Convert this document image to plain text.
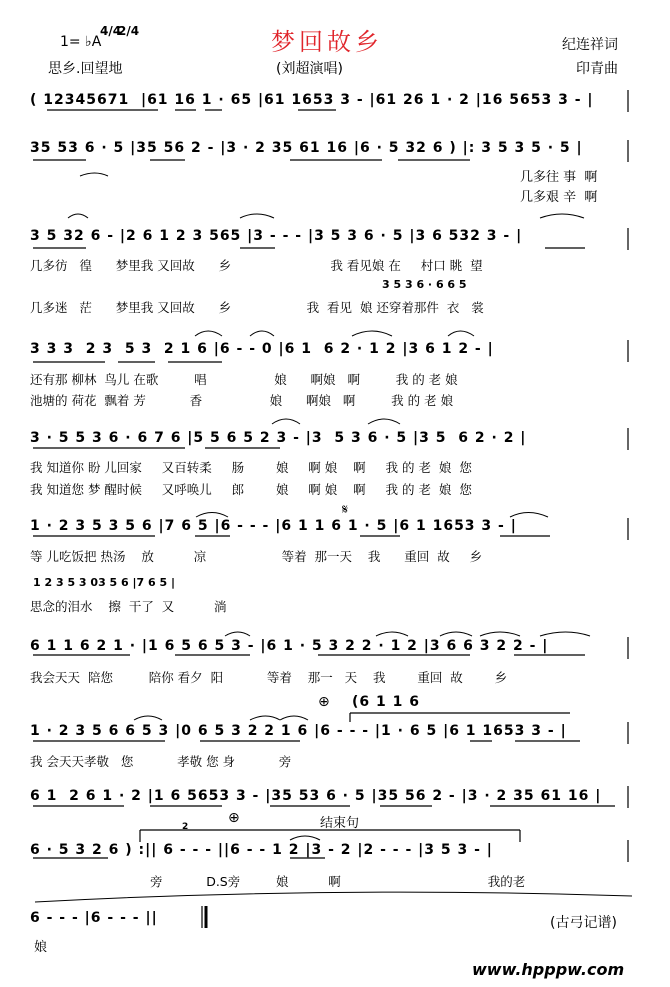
梦回故乡
1= ♭A
4/4
2/4
思乡.回望地	(刘超演唱)
纪连祥词
印青曲
( 12345671  |61 16 1 · 65 |61 1653 3 - |61 26 1 · 2 |16 5653 3 - |
35 53 6 · 5 |35 56 2 - |3 · 2 35 61 16 |6 · 5 32 6 ) |: 3 5 3 5 · 5 |
几多往 事  啊
几多艰 辛  啊
3 5 32 6 - |2 6 1 2 3 565 |3 - - - |3 5 3 6 · 5 |3 6 532 3 - |
几多彷   徨      梦里我 又回故      乡                         我 看见娘 在     村口 眺  望
3 5 3 6 · 6 6 5
几多迷   茫      梦里我 又回故      乡                   我  看见  娘 还穿着那件  衣   裳
3 3 3  2 3  5 3  2 1 6 |6 - - 0 |6 1  6 2 · 1 2 |3 6 1 2 - |
还有那 柳林  鸟儿 在歌         唱                 娘      啊娘   啊         我 的 老 娘
池塘的 荷花  飘着 芳           香                 娘      啊娘   啊         我 的 老 娘
3 · 5 5 3 6 · 6 7 6 |5 5 6 5 2 3 - |3  5 3 6 · 5 |3 5  6 2 · 2 |
我 知道你 盼 儿回家     又百转柔     肠        娘     啊 娘    啊     我 的 老  娘  您
我 知道您 梦 醒时候     又呼唤儿     郎        娘     啊 娘    啊     我 的 老  娘  您
𝄋
1 · 2 3 5 3 5 6 |7 6 5 |6 - - - |6 1 1 6 1 · 5 |6 1 1653 3 - |
等 儿吃饭把 热汤    放          凉                   等着  那一天    我      重回  故     乡
1 2 3 5 3 03 5 6 |7 6 5 |
思念的泪水    擦  干了  又          淌
6 1 1 6 2 1 · |1 6 5 6 5 3 - |6 1 · 5 3 2 2 · 1 2 |3 6 6 3 2 2 - |
我会天天  陪您         陪你 看夕  阳           等着    那一   天    我        重回  故        乡
⊕ (6 1 1 6
1 · 2 3 5 6 6 5 3 |0 6 5 3 2 2 1 6 |6 - - - |1 · 6 5 |6 1 1653 3 - |
我 会天天孝敬   您           孝敬 您 身           旁
6 1  2 6 1 · 2 |1 6 5653 3 - |35 53 6 · 5 |35 56 2 - |3 · 2 35 61 16 |
⊕	结束句
2
6 · 5 3 2 6 ) :|| 6 - - - ||6 - - 1 2 |3 - 2 |2 - - - |3 5 3 - |
旁           D.S旁         娘          啊                                     我的老
6 - - - |6 - - - ||
娘
(古弓记谱)
www.hpppw.com
